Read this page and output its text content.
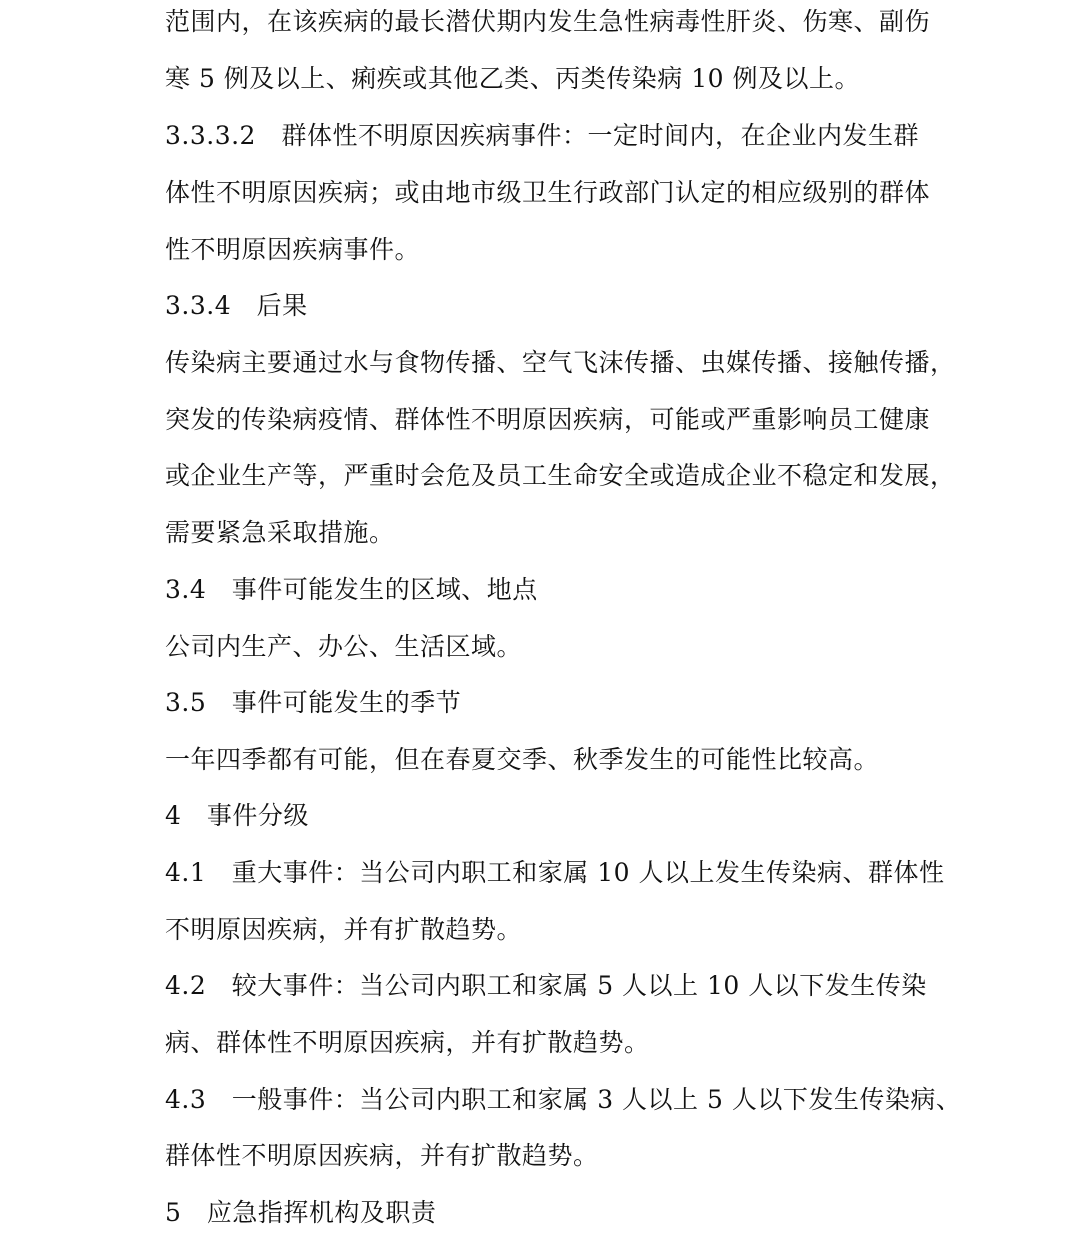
范围内，在该疾病的最长潜伏期内发生急性病毒性肝炎、伤寒、副伤
寒 5 例及以上、痢疾或其他乙类、丙类传染病 10 例及以上。
3.3.3.2　群体性不明原因疾病事件：一定时间内，在企业内发生群
体性不明原因疾病；或由地市级卫生行政部门认定的相应级别的群体
性不明原因疾病事件。
3.3.4　后果
传染病主要通过水与食物传播、空气飞沫传播、虫媒传播、接触传播，
突发的传染病疫情、群体性不明原因疾病，可能或严重影响员工健康
或企业生产等，严重时会危及员工生命安全或造成企业不稳定和发展，
需要紧急采取措施。
3.4　事件可能发生的区域、地点
公司内生产、办公、生活区域。
3.5　事件可能发生的季节
一年四季都有可能，但在春夏交季、秋季发生的可能性比较高。
4　事件分级
4.1　重大事件：当公司内职工和家属 10 人以上发生传染病、群体性
不明原因疾病，并有扩散趋势。
4.2　较大事件：当公司内职工和家属 5 人以上 10 人以下发生传染
病、群体性不明原因疾病，并有扩散趋势。
4.3　一般事件：当公司内职工和家属 3 人以上 5 人以下发生传染病、
群体性不明原因疾病，并有扩散趋势。
5　应急指挥机构及职责
